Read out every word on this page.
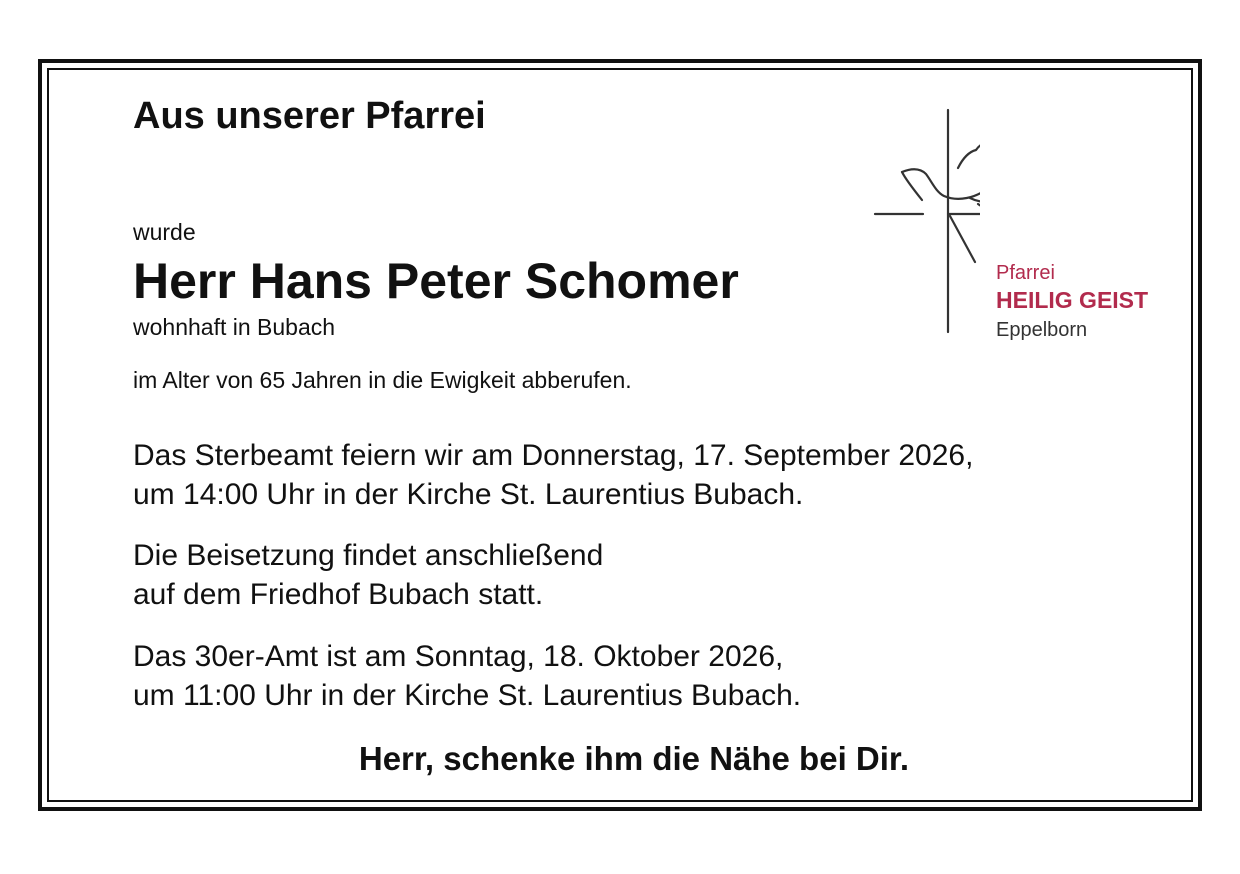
Aus unserer Pfarrei
wurde
Herr Hans Peter Schomer
wohnhaft in Bubach
im Alter von 65 Jahren in die Ewigkeit abberufen.
Das Sterbeamt feiern wir am Donnerstag, 17. September 2026,
um 14:00 Uhr in der Kirche St. Laurentius Bubach.
Die Beisetzung findet anschließend
auf dem Friedhof Bubach statt.
Das 30er-Amt ist am Sonntag, 18. Oktober 2026,
um 11:00 Uhr in der Kirche St. Laurentius Bubach.
Herr, schenke ihm die Nähe bei Dir.
Pfarrei
HEILIG GEIST
Eppelborn
